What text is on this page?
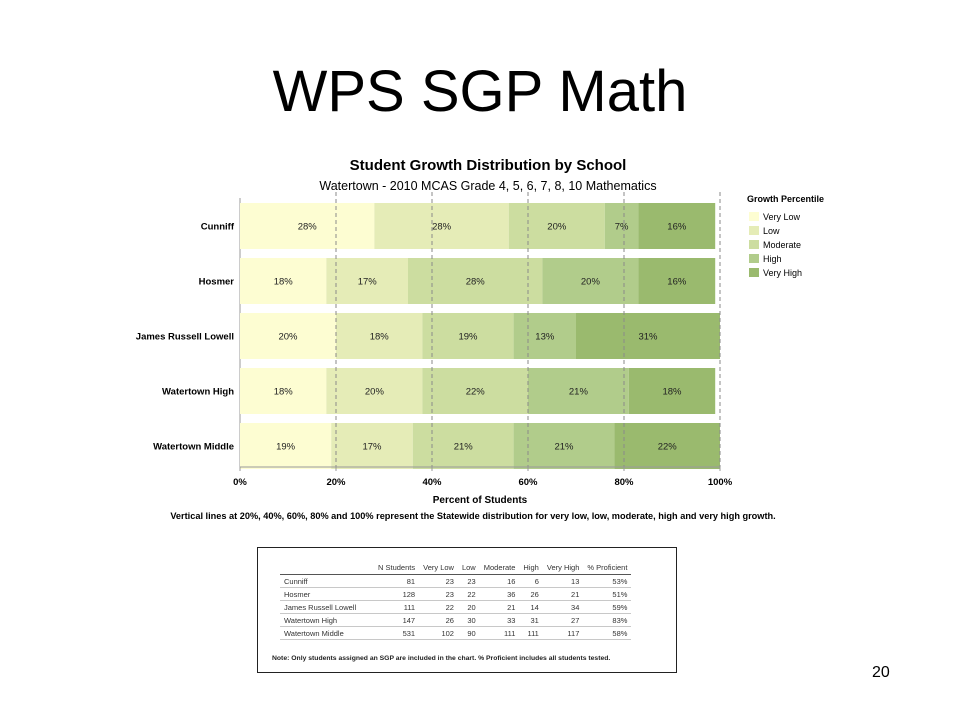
WPS SGP Math
Student Growth Distribution by School
Watertown - 2010 MCAS Grade 4, 5, 6, 7, 8, 10 Mathematics
28%	28%	20%	7%	16%
18%	17%	28%	20%	16%
20%	18%	19%	13%	31%
18%	20%	22%	21%	18%
19%	17%	21%	21%	22%
0%	20%	40%	60%	80%	100%
Cunniff
Hosmer
James Russell Lowell
Watertown High
Watertown Middle
Growth Percentile
Very Low
Low
Moderate
High
Very High
Percent of Students
Vertical lines at 20%, 40%, 60%, 80% and 100% represent the Statewide distribution for very low, low, moderate, high and very high growth.
	N Students	Very Low	Low	Moderate	High	Very High	% Proficient
Cunniff	81	23	23	16	6	13	53%
Hosmer	128	23	22	36	26	21	51%
James Russell Lowell	111	22	20	21	14	34	59%
Watertown High	147	26	30	33	31	27	83%
Watertown Middle	531	102	90	111	111	117	58%
Note: Only students assigned an SGP are included in the chart. % Proficient includes all students tested.
20
